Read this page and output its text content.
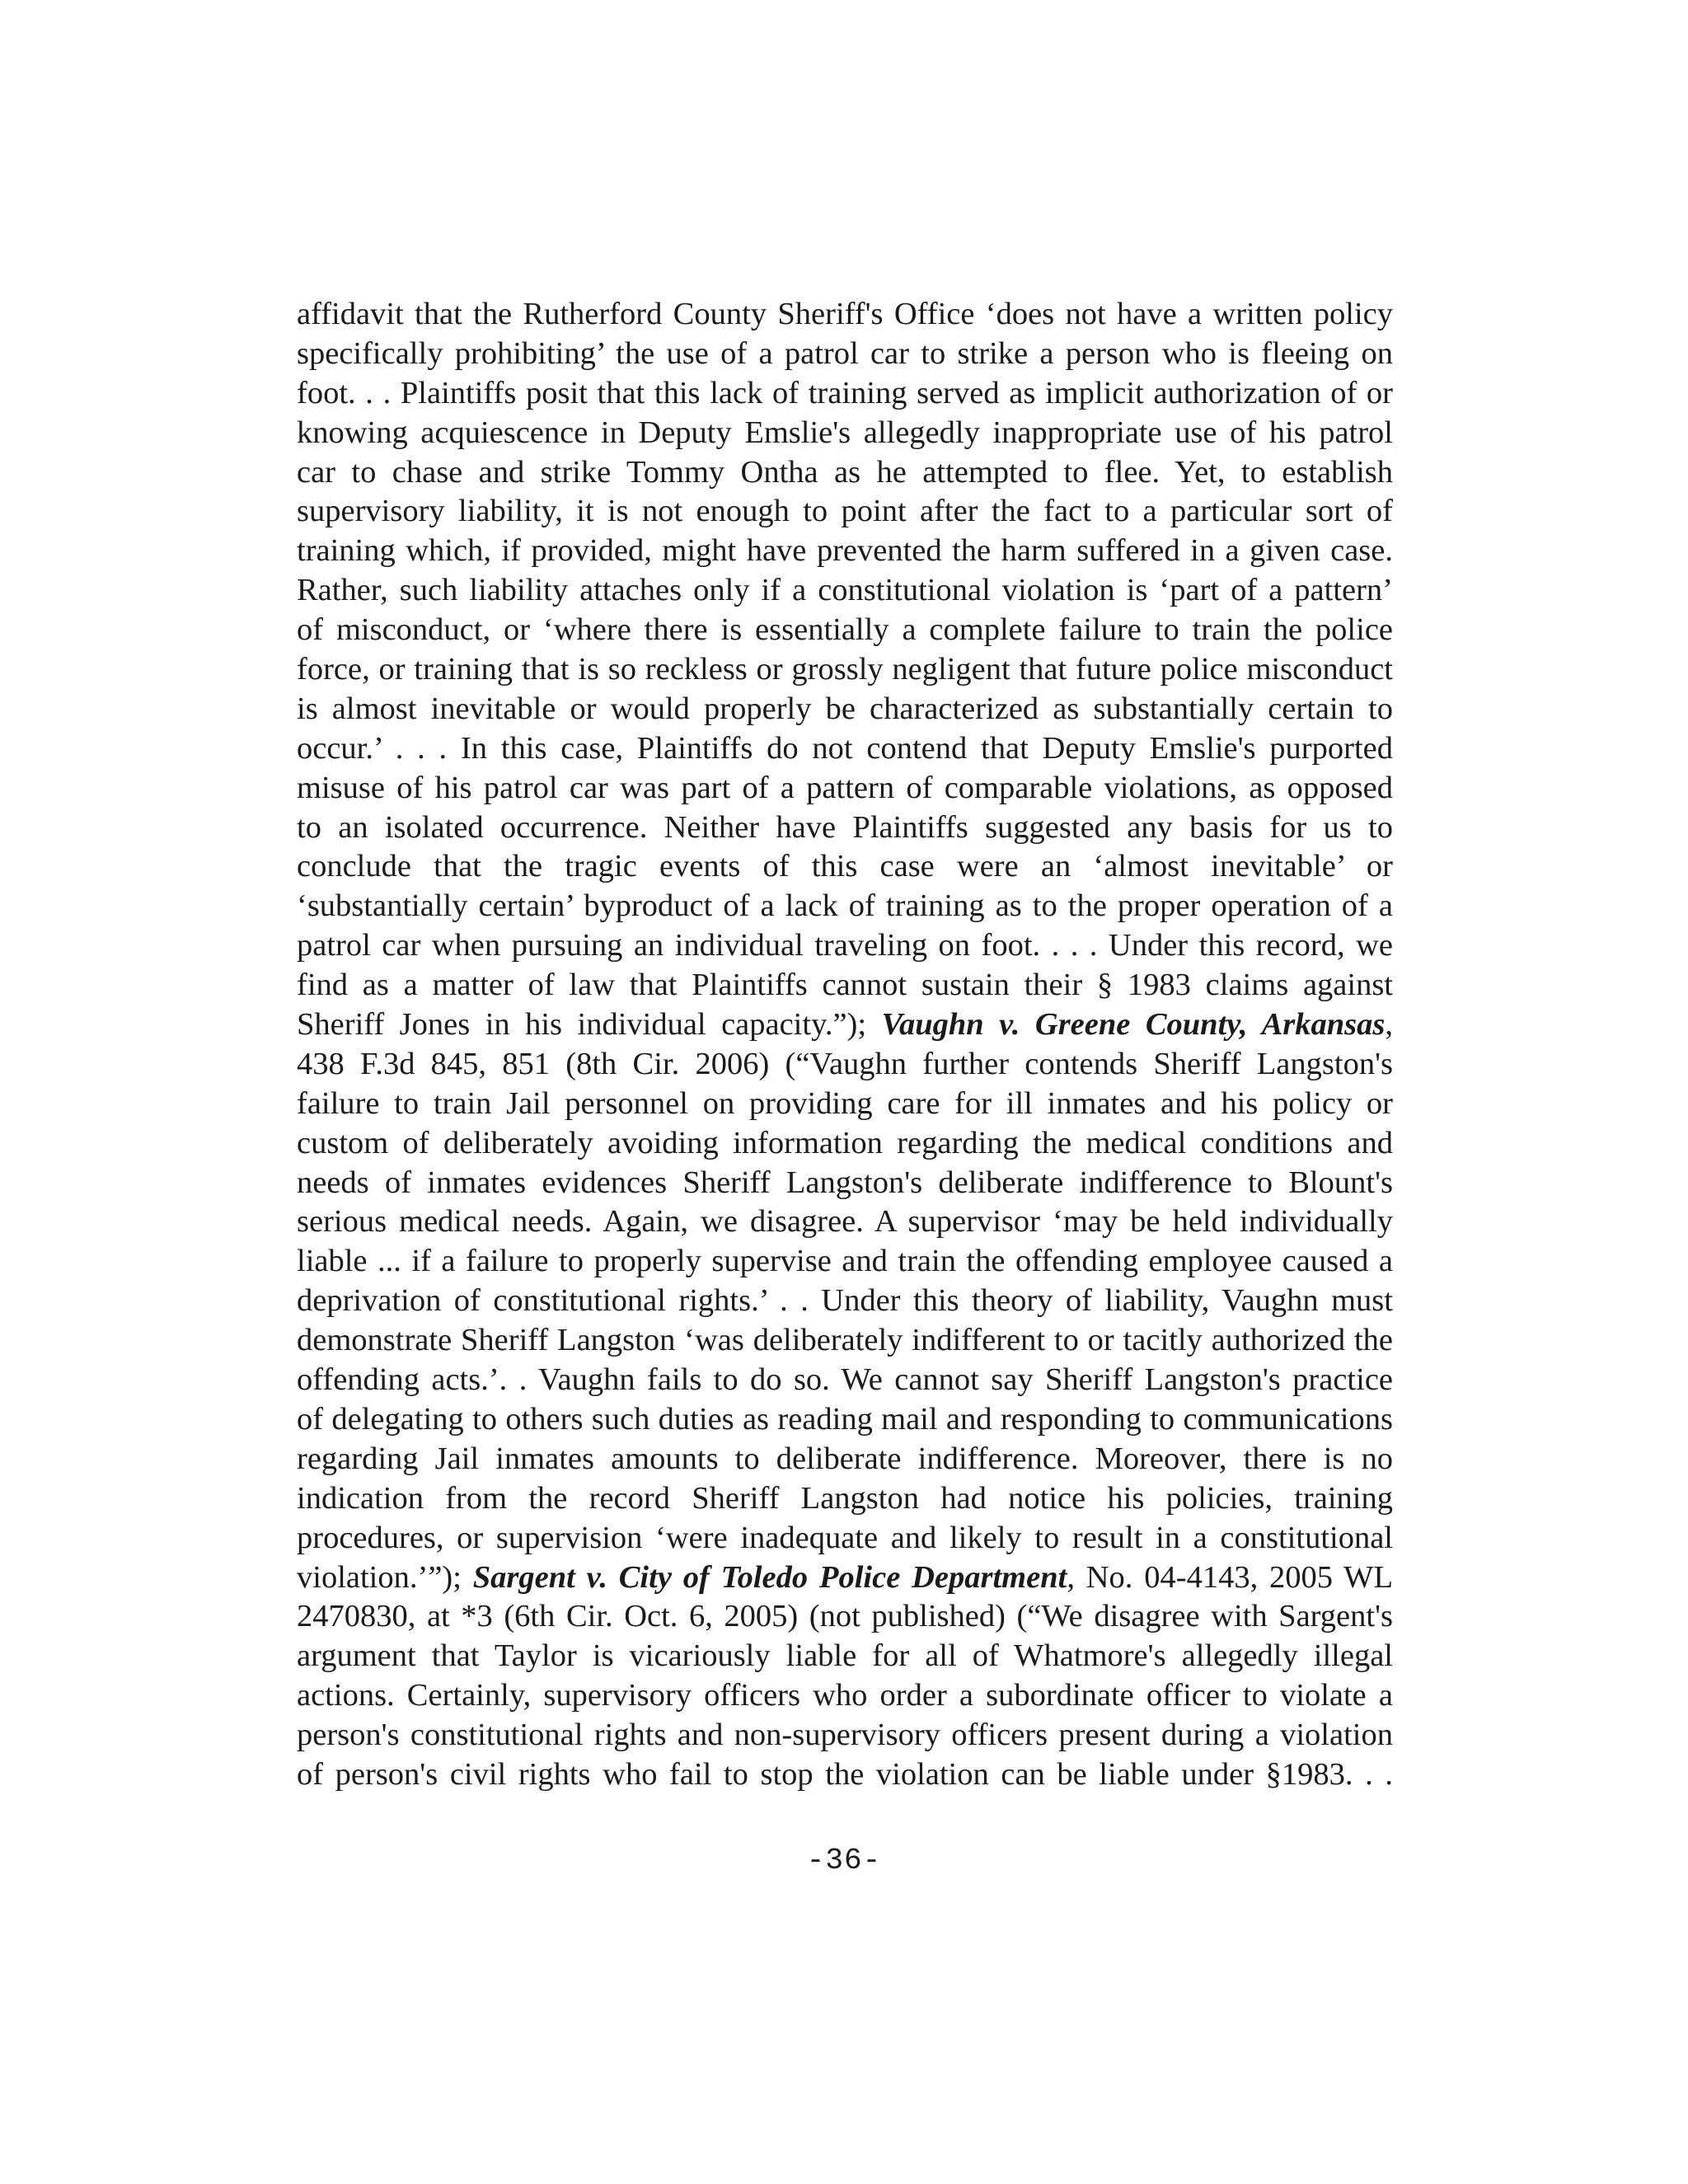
affidavit that the Rutherford County Sheriff's Office ‘does not have a written policy
specifically prohibiting’ the use of a patrol car to strike a person who is fleeing on
foot. . . Plaintiffs posit that this lack of training served as implicit authorization of or
knowing acquiescence in Deputy Emslie's allegedly inappropriate use of his patrol
car to chase and strike Tommy Ontha as he attempted to flee. Yet, to establish
supervisory liability, it is not enough to point after the fact to a particular sort of
training which, if provided, might have prevented the harm suffered in a given case.
Rather, such liability attaches only if a constitutional violation is ‘part of a pattern’
of misconduct, or ‘where there is essentially a complete failure to train the police
force, or training that is so reckless or grossly negligent that future police misconduct
is almost inevitable or would properly be characterized as substantially certain to
occur.’ . . . In this case, Plaintiffs do not contend that Deputy Emslie's purported
misuse of his patrol car was part of a pattern of comparable violations, as opposed
to an isolated occurrence. Neither have Plaintiffs suggested any basis for us to
conclude that the tragic events of this case were an ‘almost inevitable’ or
‘substantially certain’ byproduct of a lack of training as to the proper operation of a
patrol car when pursuing an individual traveling on foot. . . . Under this record, we
find as a matter of law that Plaintiffs cannot sustain their § 1983 claims against
Sheriff Jones in his individual capacity.”); Vaughn v. Greene County, Arkansas,
438 F.3d 845, 851 (8th Cir. 2006) (“Vaughn further contends Sheriff Langston's
failure to train Jail personnel on providing care for ill inmates and his policy or
custom of deliberately avoiding information regarding the medical conditions and
needs of inmates evidences Sheriff Langston's deliberate indifference to Blount's
serious medical needs. Again, we disagree. A supervisor ‘may be held individually
liable ... if a failure to properly supervise and train the offending employee caused a
deprivation of constitutional rights.’ . . Under this theory of liability, Vaughn must
demonstrate Sheriff Langston ‘was deliberately indifferent to or tacitly authorized the
offending acts.’. . Vaughn fails to do so. We cannot say Sheriff Langston's practice
of delegating to others such duties as reading mail and responding to communications
regarding Jail inmates amounts to deliberate indifference. Moreover, there is no
indication from the record Sheriff Langston had notice his policies, training
procedures, or supervision ‘were inadequate and likely to result in a constitutional
violation.’”); Sargent v. City of Toledo Police Department, No. 04-4143, 2005 WL
2470830, at *3 (6th Cir. Oct. 6, 2005) (not published) (“We disagree with Sargent's
argument that Taylor is vicariously liable for all of Whatmore's allegedly illegal
actions. Certainly, supervisory officers who order a subordinate officer to violate a
person's constitutional rights and non-supervisory officers present during a violation
of person's civil rights who fail to stop the violation can be liable under §1983. . .
-36-
